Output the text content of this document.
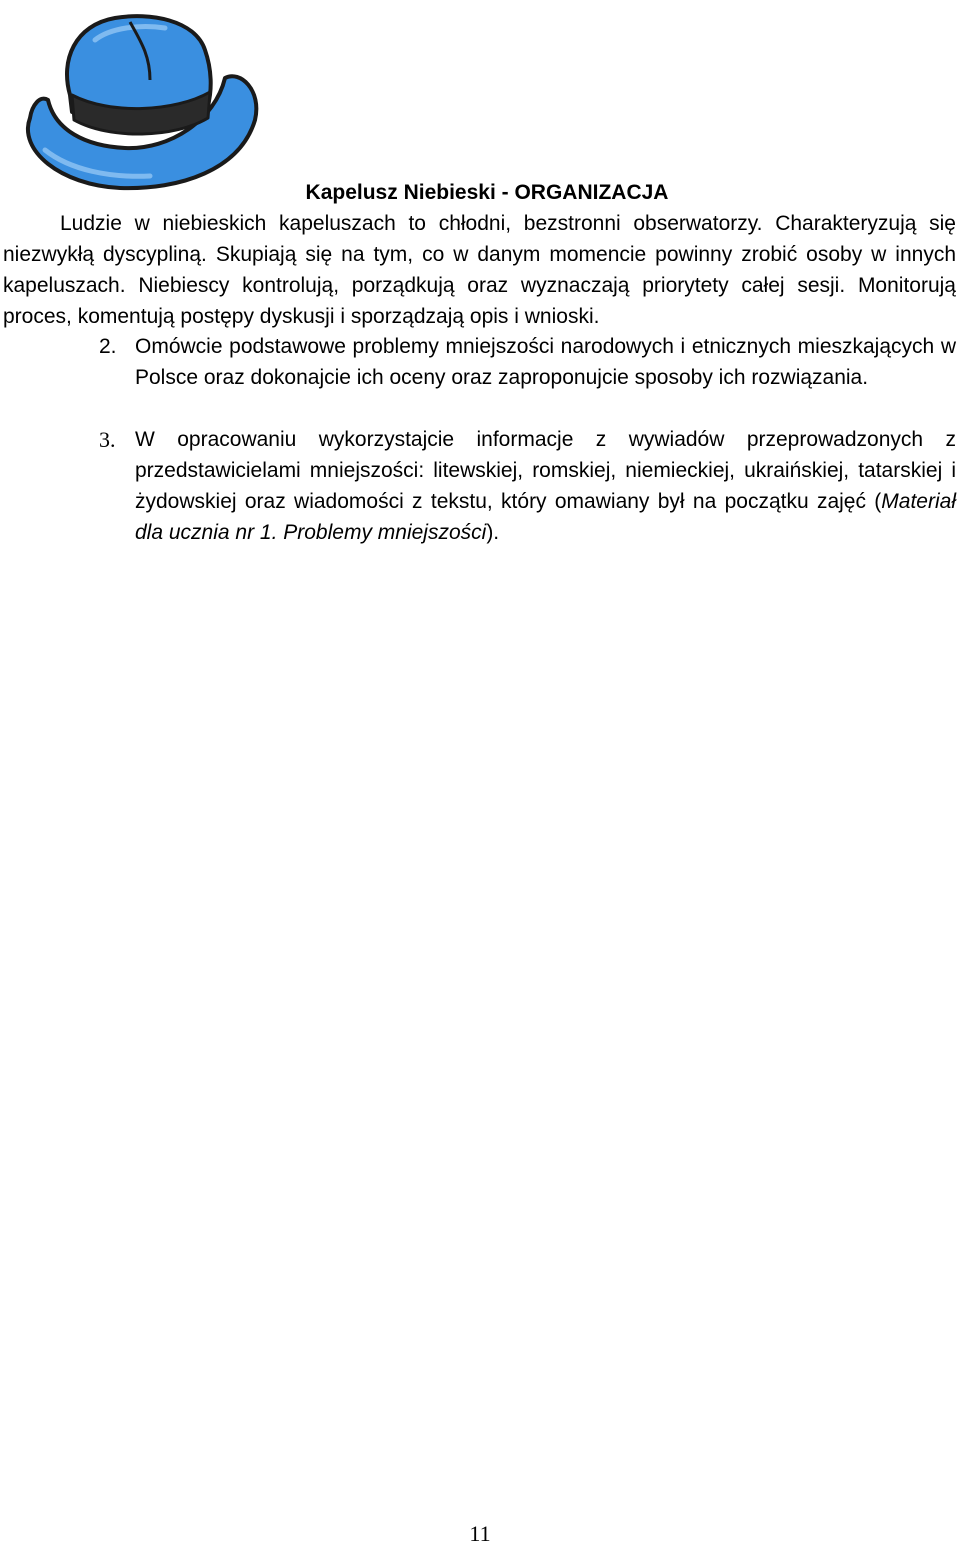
Kapelusz Niebieski - ORGANIZACJA

Ludzie w niebieskich kapeluszach to chłodni, bezstronni obserwatorzy. Charakteryzują się niezwykłą dyscypliną. Skupiają się na tym, co w danym momencie powinny zrobić osoby w innych kapeluszach. Niebiescy kontrolują, porządkują oraz wyznaczają priorytety całej sesji. Monitorują proces, komentują postępy dyskusji i sporządzają opis i wnioski.

2. Omówcie podstawowe problemy mniejszości narodowych i etnicznych mieszkających w Polsce oraz dokonajcie ich oceny oraz zaproponujcie sposoby ich rozwiązania.
3. W opracowaniu wykorzystajcie informacje z wywiadów przeprowadzonych z przedstawicielami mniejszości: litewskiej, romskiej, niemieckiej, ukraińskiej, tatarskiej i żydowskiej oraz wiadomości z tekstu, który omawiany był na początku zajęć (Materiał dla ucznia nr 1. Problemy mniejszości).
11
